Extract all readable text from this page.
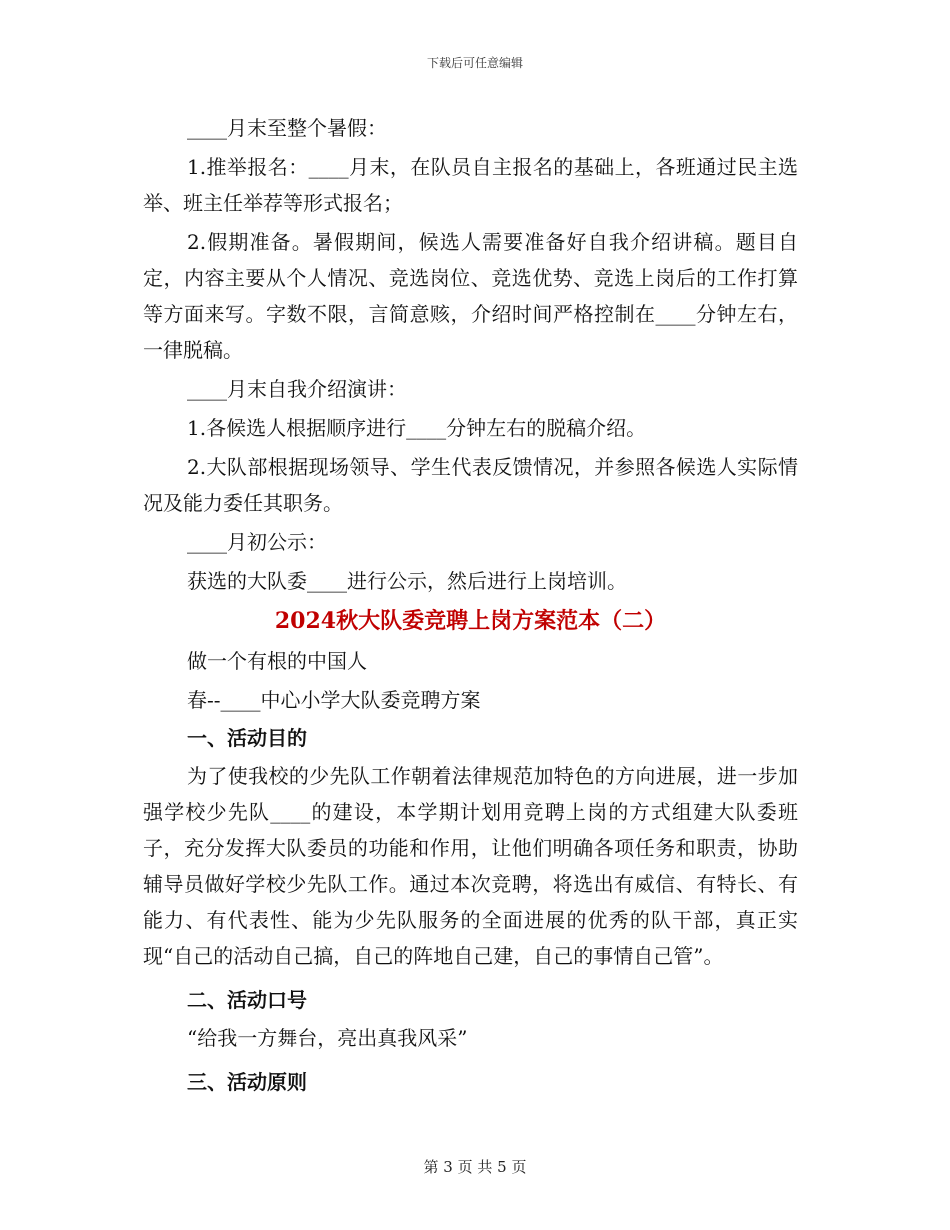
下载后可任意编辑

____月末至整个暑假：

1.推举报名：____月末，在队员自主报名的基础上，各班通过民主选举、班主任举荐等形式报名；

2.假期准备。暑假期间，候选人需要准备好自我介绍讲稿。题目自定，内容主要从个人情况、竞选岗位、竞选优势、竞选上岗后的工作打算等方面来写。字数不限，言简意赅，介绍时间严格控制在____分钟左右，一律脱稿。

____月末自我介绍演讲：

1.各候选人根据顺序进行____分钟左右的脱稿介绍。

2.大队部根据现场领导、学生代表反馈情况，并参照各候选人实际情况及能力委任其职务。

____月初公示：

获选的大队委____进行公示，然后进行上岗培训。

2024秋大队委竞聘上岗方案范本（二）

做一个有根的中国人

春--____中心小学大队委竞聘方案

一、活动目的

为了使我校的少先队工作朝着法律规范加特色的方向进展，进一步加强学校少先队____的建设，本学期计划用竞聘上岗的方式组建大队委班子，充分发挥大队委员的功能和作用，让他们明确各项任务和职责，协助辅导员做好学校少先队工作。通过本次竞聘，将选出有威信、有特长、有能力、有代表性、能为少先队服务的全面进展的优秀的队干部，真正实现“自己的活动自己搞，自己的阵地自己建，自己的事情自己管”。

二、活动口号

“给我一方舞台，亮出真我风采”

三、活动原则

第 3 页 共 5 页
